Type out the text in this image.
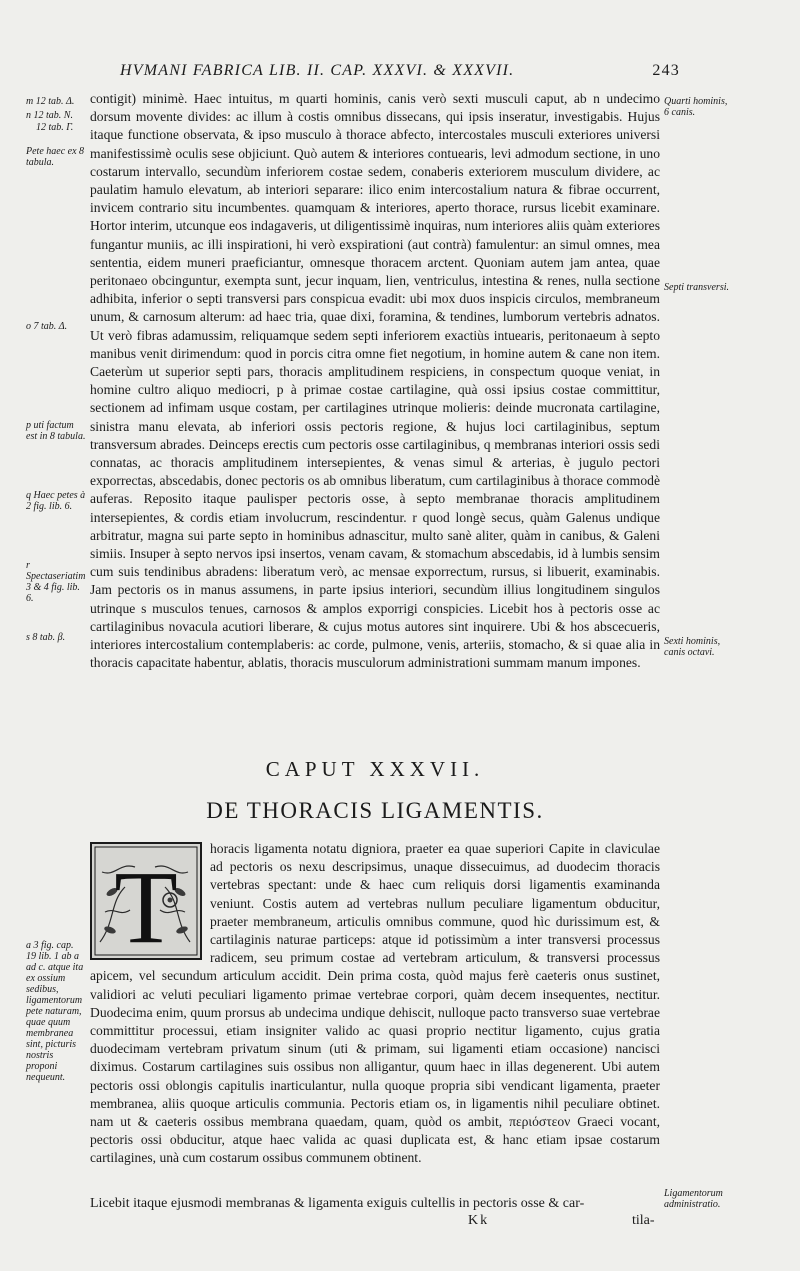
HVMANI FABRICA LIB. II. CAP. XXXVI. & XXXVII.	243
m 12 tab. Δ.
n 12 tab. N.
12 tab. Γ.
Pete haec ex 8 tabula.
o 7 tab. Δ.
p uti factum est in 8 tabula.
q Haec petes à 2 fig. lib. 6.
r Spectaseriatim 3 & 4 fig. lib. 6.
s 8 tab. β.
a 3 fig. cap. 19 lib. 1 ab a ad c. atque ita ex ossium sedibus, ligamentorum pete naturam, quae quum membranea sint, picturis nostris proponi nequeunt.
Quarti hominis, 6 canis.
Septi transversi.
Sexti hominis, canis octavi.
Ligamentorum administratio.

contigit) minimè. Haec intuitus, m quarti hominis, canis verò sexti musculi caput, ab n undecimo dorsum movente divides: ac illum à costis omnibus dissecans, qui ipsis inseratur, investigabis. Hujus itaque functione observata, & ipso musculo à thorace abfecto, intercostales musculi exteriores universi manifestissimè oculis sese objiciunt. Quò autem & interiores contuearis, levi admodum sectione, in uno costarum intervallo, secundùm inferiorem costae sedem, conaberis exteriorem musculum dividere, ac paulatim hamulo elevatum, ab interiori separare: ilico enim intercostalium natura & fibrae occurrent, invicem contrario situ incumbentes. quamquam & interiores, aperto thorace, rursus licebit examinare. Hortor interim, utcunque eos indagaveris, ut diligentissimè inquiras, num interiores aliis quàm exteriores fungantur muniis, ac illi inspirationi, hi verò exspirationi (aut contrà) famulentur: an simul omnes, mea sententia, eidem muneri praeficiantur, omnesque thoracem arctent. Quoniam autem jam antea, quae peritonaeo obcinguntur, exempta sunt, jecur inquam, lien, ventriculus, intestina & renes, nulla sectione adhibita, inferior o septi transversi pars conspicua evadit: ubi mox duos inspicis circulos, membraneum unum, & carnosum alterum: ad haec tria, quae dixi, foramina, & tendines, lumborum vertebris adnatos. Ut verò fibras adamussim, reliquamque sedem septi inferiorem exactiùs intuearis, peritonaeum à septo manibus venit dirimendum: quod in porcis citra omne fiet negotium, in homine autem & cane non item. Caeterùm ut superior septi pars, thoracis amplitudinem respiciens, in conspectum quoque veniat, in homine cultro aliquo mediocri, p à primae costae cartilagine, quà ossi ipsius costae committitur, sectionem ad infimam usque costam, per cartilagines utrinque molieris: deinde mucronata cartilagine, sinistra manu elevata, ab inferiori ossis pectoris regione, & hujus loci cartilaginibus, septum transversum abrades. Deinceps erectis cum pectoris osse cartilaginibus, q membranas interiori ossis sedi connatas, ac thoracis amplitudinem intersepientes, & venas simul & arterias, è jugulo pectori exporrectas, abscedabis, donec pectoris os ab omnibus liberatum, cum cartilaginibus à thorace commodè auferas. Reposito itaque paulisper pectoris osse, à septo membranae thoracis amplitudinem intersepientes, & cordis etiam involucrum, rescindentur. r quod longè secus, quàm Galenus undique arbitratur, magna sui parte septo in hominibus adnascitur, multo sanè aliter, quàm in canibus, & Galeni simiis. Insuper à septo nervos ipsi insertos, venam cavam, & stomachum abscedabis, id à lumbis sensim cum suis tendinibus abradens: liberatum verò, ac mensae exporrectum, rursus, si libuerit, examinabis. Jam pectoris os in manus assumens, in parte ipsius interiori, secundùm illius longitudinem singulos utrinque s musculos tenues, carnosos & amplos exporrigi conspicies. Licebit hos à pectoris osse ac cartilaginibus novacula acutiori liberare, & cujus motus autores sint inquirere. Ubi & hos abscecueris, interiores intercostalium contemplaberis: ac corde, pulmone, venis, arteriis, stomacho, & si quae alia in thoracis capacitate habentur, ablatis, thoracis musculorum administrationi summam manum impones.

CAPUT XXXVII.
DE THORACIS LIGAMENTIS.
T

horacis ligamenta notatu digniora, praeter ea quae superiori Capite in claviculae ad pectoris os nexu descripsimus, unaque dissecuimus, ad duodecim thoracis vertebras spectant: unde & haec cum reliquis dorsi ligamentis examinanda veniunt. Costis autem ad vertebras nullum peculiare ligamentum obducitur, praeter membraneum, articulis omnibus commune, quod hìc durissimum est, & cartilaginis naturae particeps: atque id potissimùm a inter transversi processus radicem, seu primum costae ad vertebram articulum, & transversi processus apicem, vel secundum articulum accidit. Dein prima costa, quòd majus ferè caeteris onus sustinet, validiori ac veluti peculiari ligamento primae vertebrae corpori, quàm decem insequentes, nectitur. Duodecima enim, quum prorsus ab undecima undique dehiscit, nulloque pacto transverso suae vertebrae committitur processui, etiam insigniter valido ac quasi proprio nectitur ligamento, cujus gratia duodecimam vertebram privatum sinum (uti & primam, sui ligamenti etiam occasione) nancisci diximus. Costarum cartilagines suis ossibus non alligantur, quum haec in illas degenerent. Ubi autem pectoris ossi oblongis capitulis inarticulantur, nulla quoque propria sibi vendicant ligamenta, praeter membranea, aliis quoque articulis communia. Pectoris etiam os, in ligamentis nihil peculiare obtinet. nam ut & caeteris ossibus membrana quaedam, quam, quòd os ambit, περιόστεον Graeci vocant, pectoris ossi obducitur, atque haec valida ac quasi duplicata est, & hanc etiam ipsae costarum cartilagines, unà cum costarum ossibus communem obtinent.

Licebit itaque ejusmodi membranas & ligamenta exiguis cultellis in pectoris osse & car-
Kk	tila-
